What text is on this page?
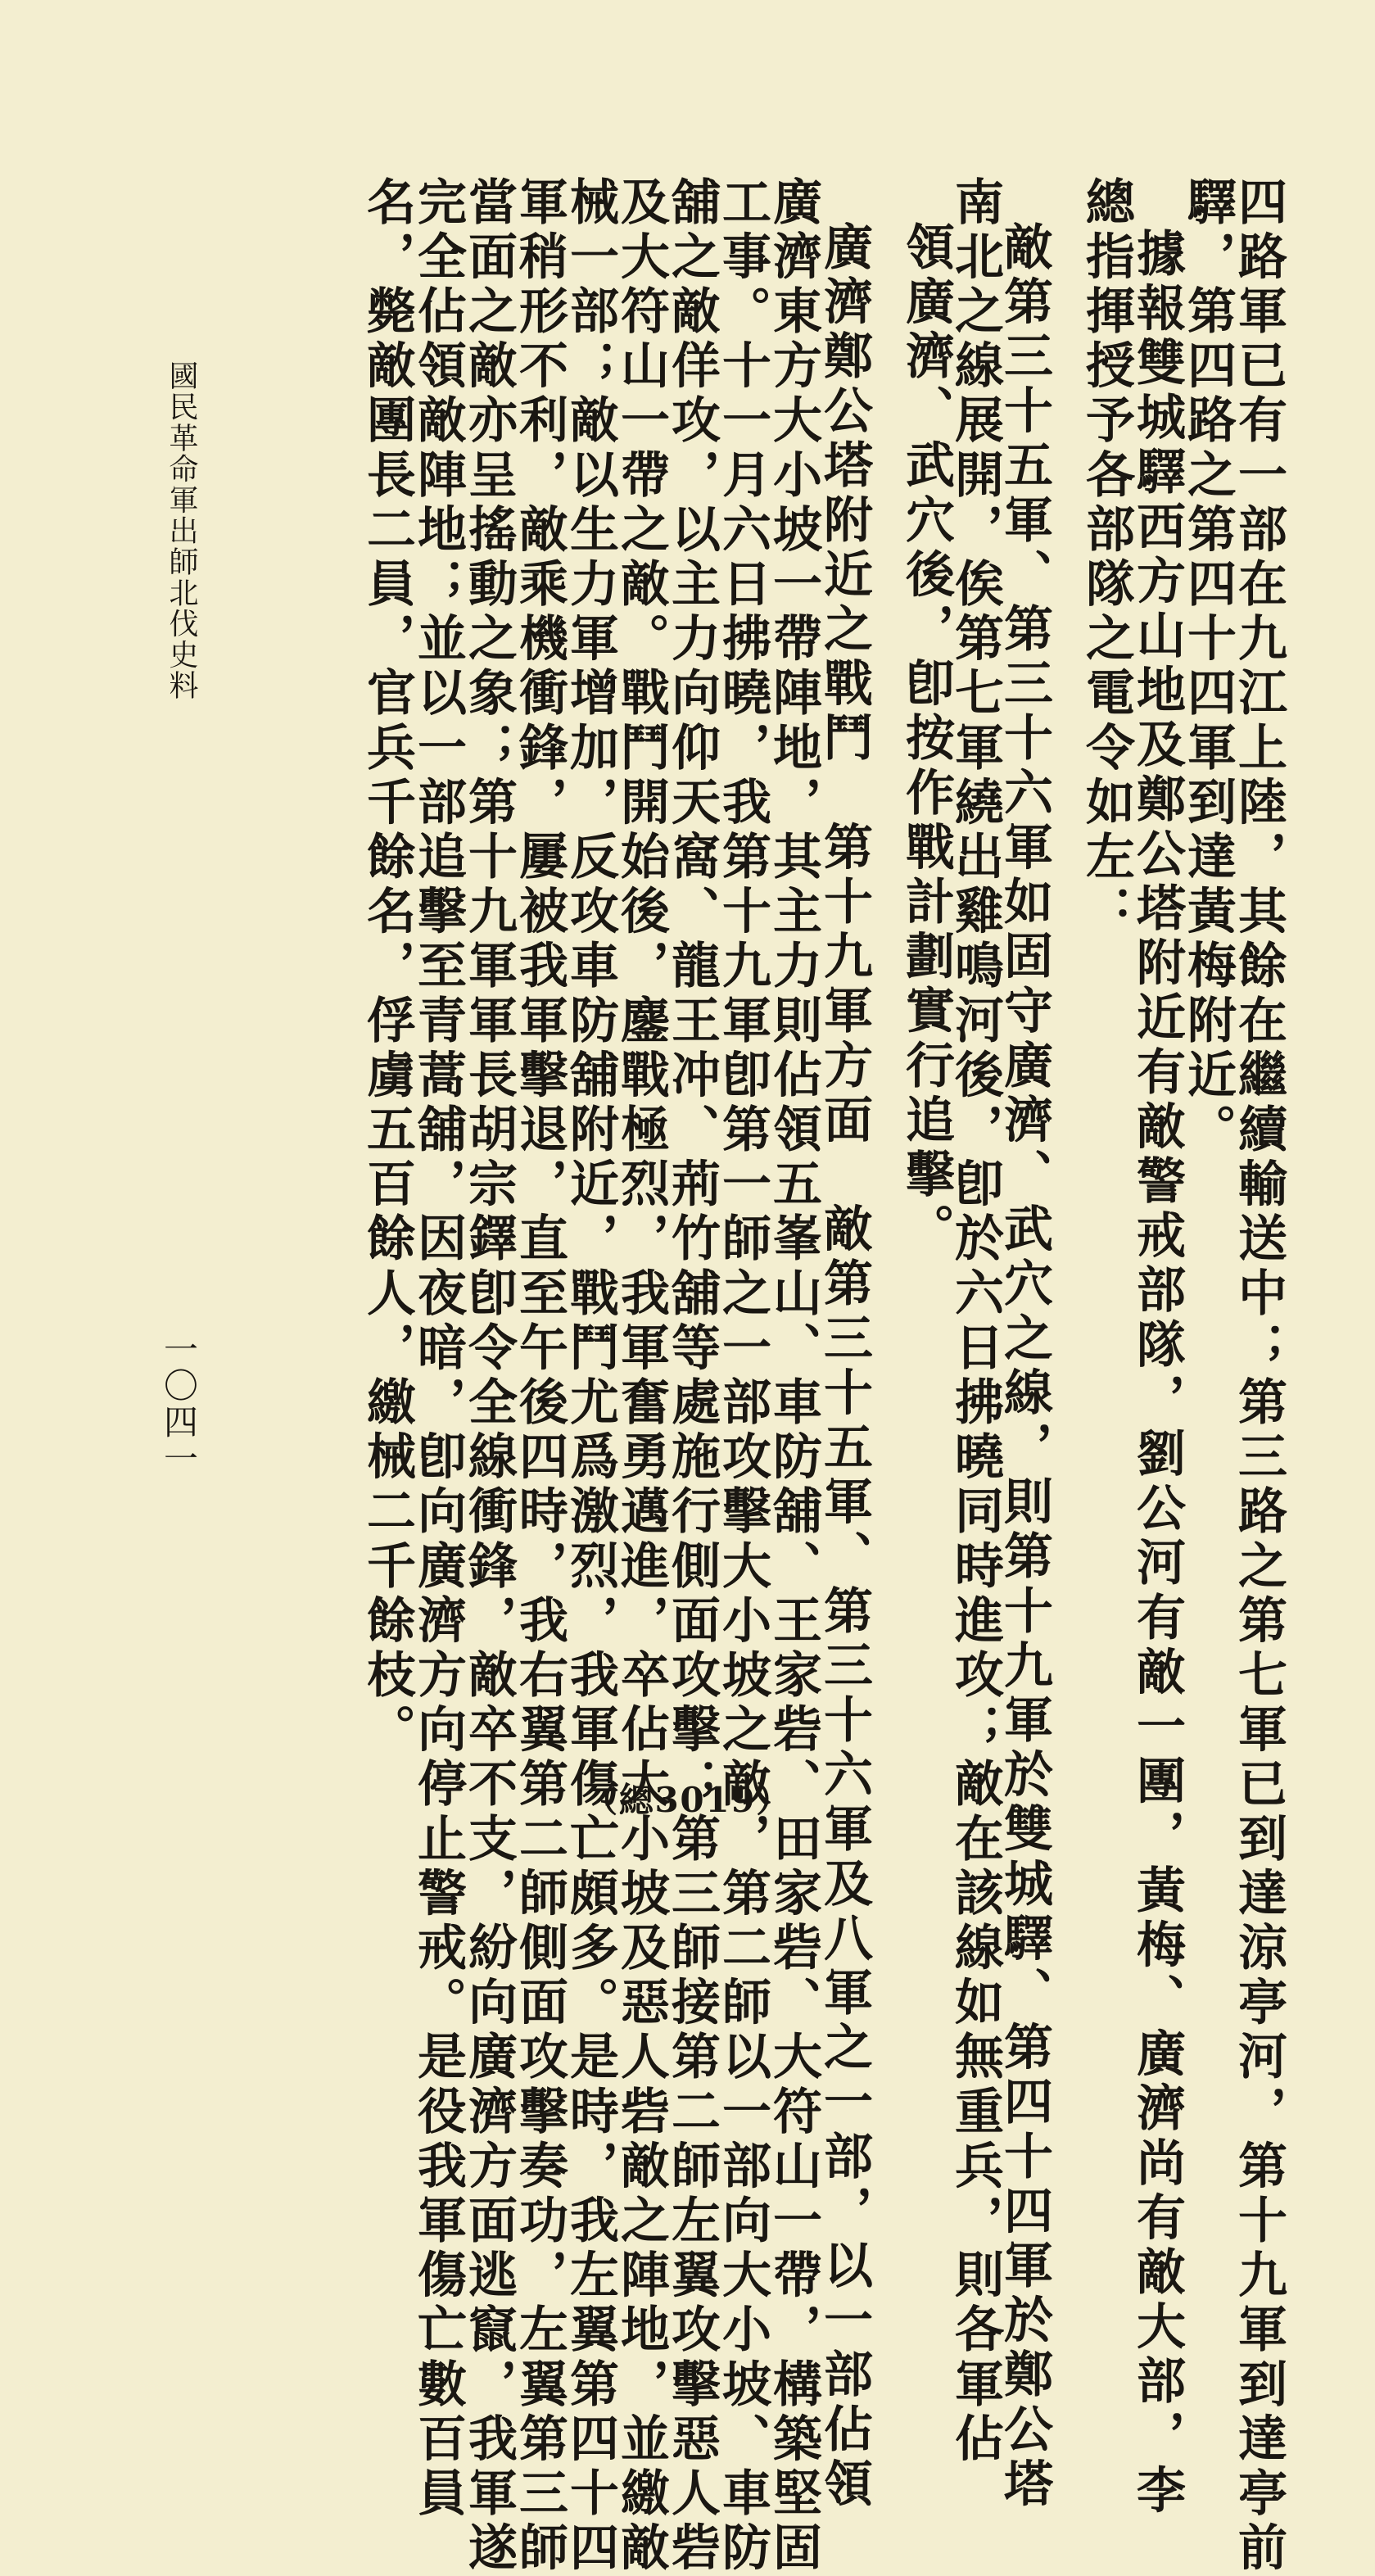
四路軍已有一部在九江上陸，其餘在繼續輸送中；第三路之第七軍已到達涼亭河，第十九軍到達亭前
驛，第四路之第四十四軍到達黃梅附近。
據報雙城驛西方山地及鄭公塔附近有敵警戒部隊，劉公河有敵一團，黃梅、廣濟尚有敵大部，李
總指揮授予各部隊之電令如左：
敵第三十五軍、第三十六軍如固守廣濟、武穴之線，則第十九軍於雙城驛、第四十四軍於鄭公塔
南北之線展開，俟第七軍繞出雞鳴河後，卽於六日拂曉同時進攻；敵在該線如無重兵，則各軍佔
領廣濟、武穴後，卽按作戰計劃實行追擊。
廣濟鄭公塔附近之戰鬥　第十九軍方面　敵第三十五軍、第三十六軍及八軍之一部，以一部佔領
廣濟東方大小坡一帶陣地，其主力則佔領五峯山、車防舖、王家砦、田家砦、大符山一帶，構築堅固
工事。十一月六日拂曉，我第十九軍卽第一師之一部攻擊大小坡之敵，第二師以一部向大小坡、車防
舖之敵佯攻，以主力向仰天窩、龍王冲、荊竹舖等處施行側面攻擊；第三師接第二師左翼攻擊惡人砦
及大符山一帶之敵。戰鬥開始後，鏖戰極烈，我軍奮勇邁進，卒佔大小坡及惡人砦敵之陣地，並繳敵
械一部；敵以生力軍增加，反攻車防舖附近，戰鬥尤爲激烈，我軍傷亡頗多。是時，我左翼第四十四
軍稍形不利，敵乘機衝鋒，屢被我軍擊退，直至午後四時，我右翼第二師側面攻擊奏功，左翼第三師
當面之敵亦呈搖動之象；第十九軍軍長胡宗鐸卽令全線衝鋒，敵卒不支，紛向廣濟方面逃竄，我軍遂
完全佔領敵陣地；並以一部追擊至青蒿舖，因夜暗，卽向廣濟方向停止警戒。是役我軍傷亡數百員
名，斃敵團長二員，官兵千餘名，俘虜五百餘人，繳械二千餘枝。
國民革命軍出師北伐史料
一〇四一
（總3019）
